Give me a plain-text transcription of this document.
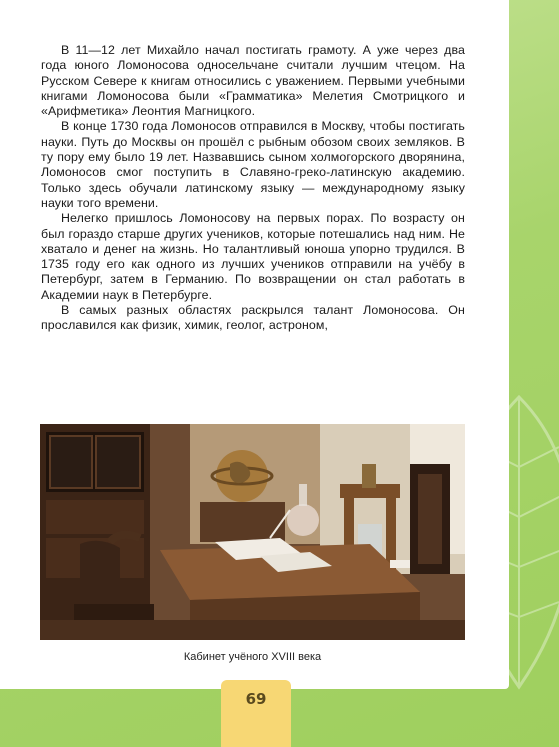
В 11—12 лет Михайло начал постигать грамоту. А уже через два года юного Ломоносова односельчане считали лучшим чтецом. На Русском Севере к книгам относились с уважением. Первыми учебными книгами Ломоносова были «Грамматика» Мелетия Смотрицкого и «Арифметика» Леонтия Магницкого.

В конце 1730 года Ломоносов отправился в Москву, чтобы постигать науки. Путь до Москвы он прошёл с рыбным обозом своих земляков. В ту пору ему было 19 лет. Назвавшись сыном холмогорского дворянина, Ломоносов смог поступить в Славяно-греко-латинскую академию. Только здесь обучали латинскому языку — международному языку науки того времени.

Нелегко пришлось Ломоносову на первых порах. По возрасту он был гораздо старше других учеников, которые потешались над ним. Не хватало и денег на жизнь. Но талантливый юноша упорно трудился. В 1735 году его как одного из лучших учеников отправили на учёбу в Петербург, затем в Германию. По возвращении он стал работать в Академии наук в Петербурге.

В самых разных областях раскрылся талант Ломоносова. Он прославился как физик, химик, геолог, астроном,

Кабинет учёного XVIII века
69
